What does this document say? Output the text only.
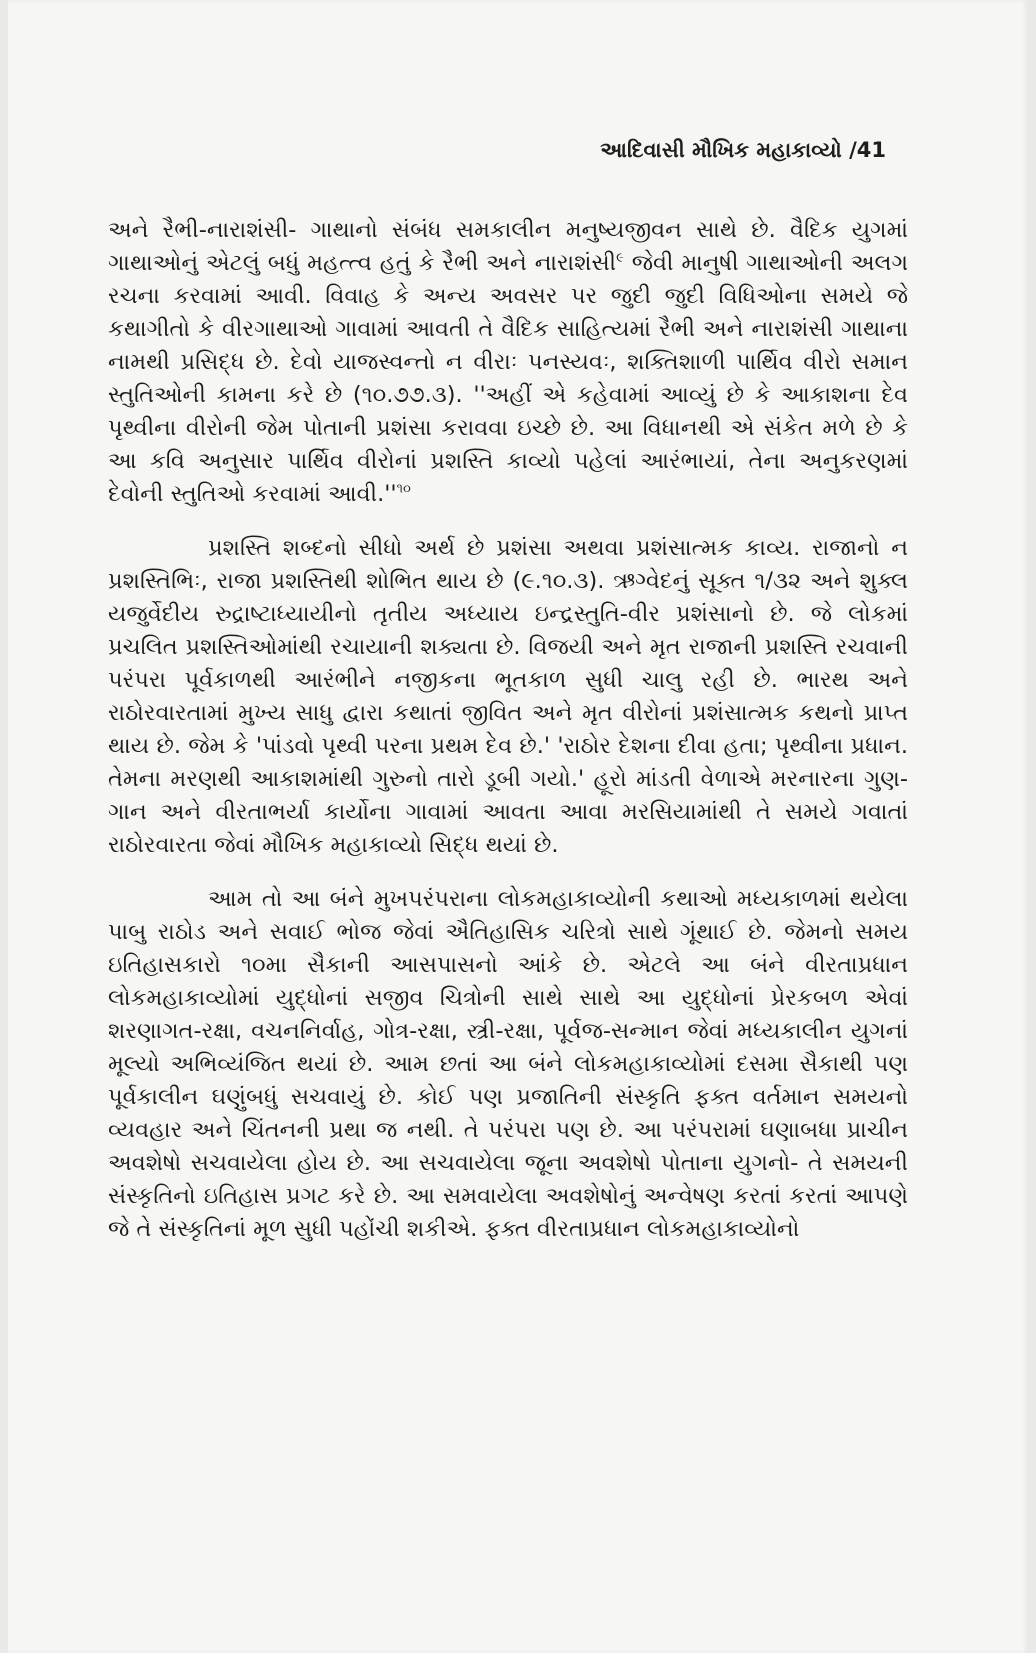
આદિવાસી મૌખિક મહાકાવ્યો /41

અને રૈભી-નારાશંસી- ગાથાનો સંબંધ સમકાલીન મનુષ્યજીવન સાથે છે. વૈદિક યુગમાં ગાથાઓનું એટલું બધું મહત્ત્વ હતું કે રૈભી અને નારાશંસી$^૯$ જેવી માનુષી ગાથાઓની અલગ રચના કરવામાં આવી. વિવાહ કે અન્ય અવસર પર જુદી જુદી વિધિઓના સમયે જે કથાગીતો કે વીરગાથાઓ ગાવામાં આવતી તે વૈદિક સાહિત્યમાં રૈભી અને નારાશંસી ગાથાના નામથી પ્રસિદ્ધ છે. દેવો યાજસ્વન્તો ન વીરાઃ પનસ્યવઃ, શક્તિશાળી પાર્થિવ વીરો સમાન સ્તુતિઓની કામના કરે છે (૧૦.૭૭.૩). ''અહીં એ કહેવામાં આવ્યું છે કે આકાશના દેવ પૃથ્વીના વીરોની જેમ પોતાની પ્રશંસા કરાવવા ઇચ્છે છે. આ વિધાનથી એ સંકેત મળે છે કે આ કવિ અનુસાર પાર્થિવ વીરોનાં પ્રશસ્તિ કાવ્યો પહેલાં આરંભાયાં, તેના અનુકરણમાં દેવોની સ્તુતિઓ કરવામાં $આવી.''^{૧૦}$

પ્રશસ્તિ શબ્દનો સીધો અર્થ છે પ્રશંસા અથવા પ્રશંસાત્મક કાવ્ય. રાજાનો ન પ્રશસ્તિભિઃ, રાજા પ્રશસ્તિથી શોભિત થાય છે (૯.૧૦.૩). ઋગ્વેદનું સૂક્ત ૧/૩૨ અને શુક્લ યજુર્વેદીય રુદ્રાષ્ટાધ્યાયીનો તૃતીય અધ્યાય ઇન્દ્રસ્તુતિ-વીર પ્રશંસાનો છે. જે લોકમાં પ્રચલિત પ્રશસ્તિઓમાંથી રચાયાની શક્યતા છે. વિજયી અને મૃત રાજાની પ્રશસ્તિ રચવાની પરંપરા પૂર્વકાળથી આરંભીને નજીકના ભૂતકાળ સુધી ચાલુ રહી છે. ભારથ અને રાઠોરવારતામાં મુખ્ય સાધુ દ્વારા કથાતાં જીવિત અને મૃત વીરોનાં પ્રશંસાત્મક કથનો પ્રાપ્ત થાય છે. જેમ કે 'પાંડવો પૃથ્વી પરના પ્રથમ દેવ છે.' 'રાઠોર દેશના દીવા હતા; પૃથ્વીના પ્રધાન. તેમના મરણથી આકાશમાંથી ગુરુનો તારો ડૂબી ગયો.' હૂરો માંડતી વેળાએ મરનારના ગુણ-ગાન અને વીરતાભર્યા કાર્યોના ગાવામાં આવતા આવા મરસિયામાંથી તે સમયે ગવાતાં રાઠોરવારતા જેવાં મૌખિક મહાકાવ્યો સિદ્ધ થયાં છે.

આમ તો આ બંને મુખપરંપરાના લોકમહાકાવ્યોની કથાઓ મધ્યકાળમાં થયેલા પાબુ રાઠોડ અને સવાઈ ભોજ જેવાં ઐતિહાસિક ચરિત્રો સાથે ગૂંથાઈ છે. જેમનો સમય ઇતિહાસકારો ૧૦મા સૈકાની આસપાસનો આંકે છે. એટલે આ બંને વીરતાપ્રધાન લોકમહાકાવ્યોમાં યુદ્ધોનાં સજીવ ચિત્રોની સાથે સાથે આ યુદ્ધોનાં પ્રેરકબળ એવાં શરણાગત-રક્ષા, વચનનિર્વાહ, ગોત્ર-રક્ષા, સ્ત્રી-રક્ષા, પૂર્વજ-સન્માન જેવાં મધ્યકાલીન યુગનાં મૂલ્યો અભિવ્યંજિત થયાં છે. આમ છતાં આ બંને લોકમહાકાવ્યોમાં દસમા સૈકાથી પણ પૂર્વકાલીન ઘણુંબધું સચવાયું છે. કોઈ પણ પ્રજાતિની સંસ્કૃતિ ફક્ત વર્તમાન સમયનો વ્યવહાર અને ચિંતનની પ્રથા જ નથી. તે પરંપરા પણ છે. આ પરંપરામાં ઘણાબધા પ્રાચીન અવશેષો સચવાયેલા હોય છે. આ સચવાયેલા જૂના અવશેષો પોતાના યુગનો- તે સમયની સંસ્કૃતિનો ઇતિહાસ પ્રગટ કરે છે. આ સમવાયેલા અવશેષોનું અન્વેષણ કરતાં કરતાં આપણે જે તે સંસ્કૃતિનાં મૂળ સુધી પહોંચી શકીએ. ફક્ત વીરતાપ્રધાન લોકમહાકાવ્યોનો
